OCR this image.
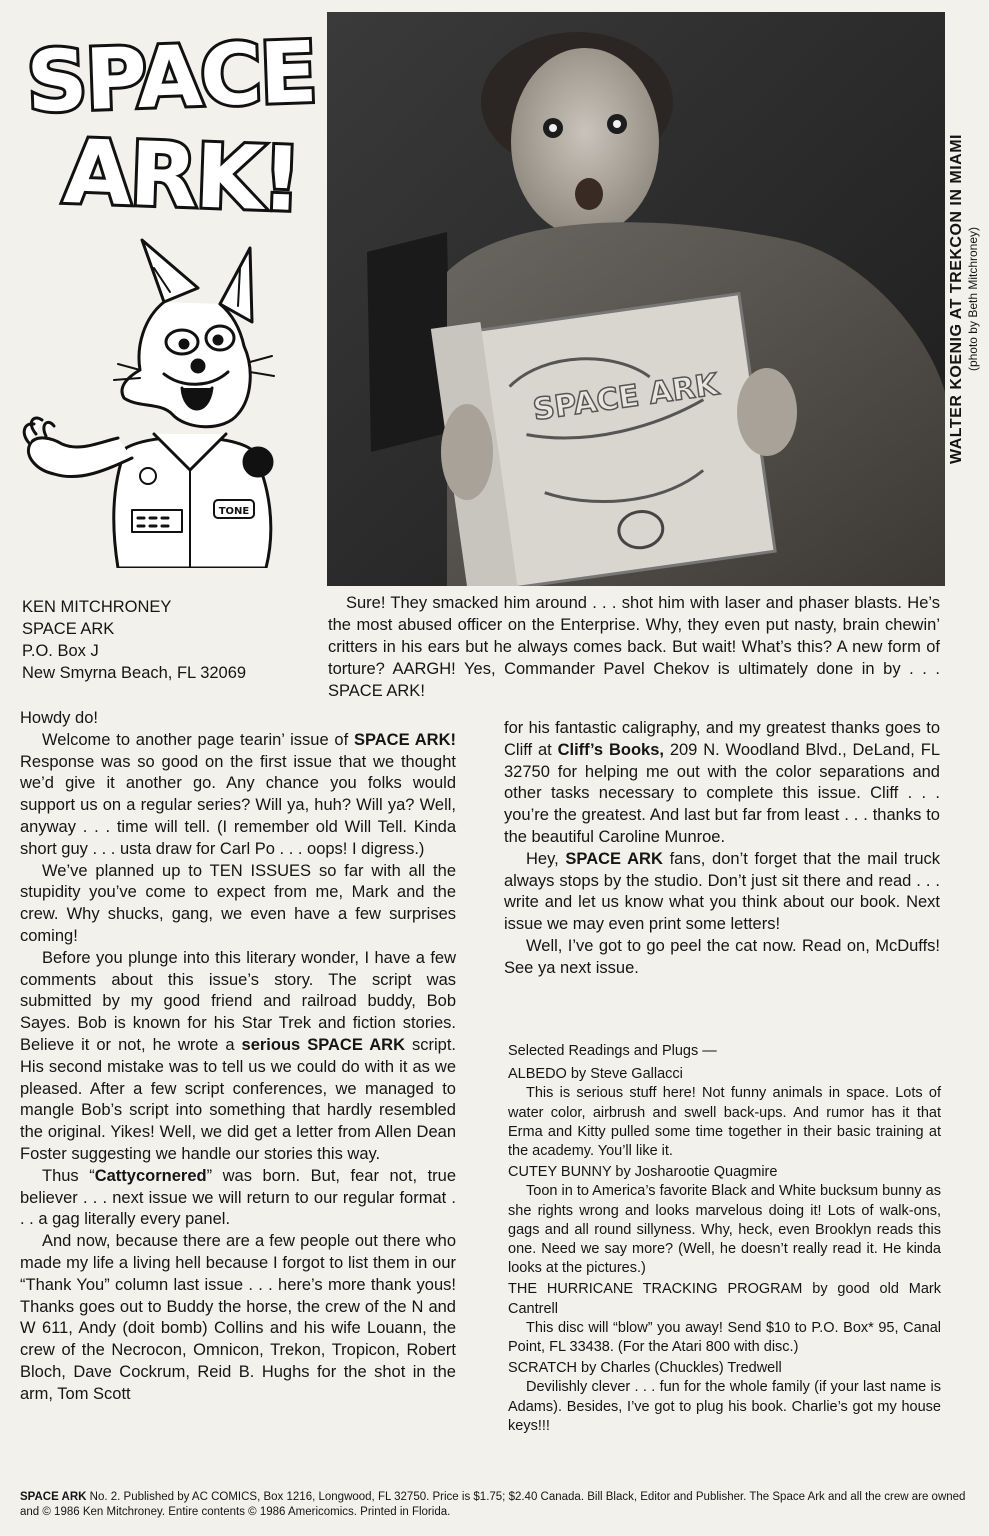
SPACE
ARK!
TONE
SPACE ARK	WALTER KOENIG AT TREKCON IN MIAMI (photo by Beth Mitchroney)
KEN MITCHRONEY
SPACE ARK
P.O. Box J
New Smyrna Beach, FL 32069
Sure! They smacked him around . . . shot him with laser and phaser blasts. He’s the most abused officer on the Enterprise. Why, they even put nasty, brain chewin’ critters in his ears but he always comes back. But wait! What’s this? A new form of torture? AARGH! Yes, Commander Pavel Chekov is ultimately done in by . . . SPACE ARK!

Howdy do!

Welcome to another page tearin’ issue of SPACE ARK! Response was so good on the first issue that we thought we’d give it another go. Any chance you folks would support us on a regular series? Will ya, huh? Will ya? Well, anyway . . . time will tell. (I remember old Will Tell. Kinda short guy . . . usta draw for Carl Po . . . oops! I digress.)

We’ve planned up to TEN ISSUES so far with all the stupidity you’ve come to expect from me, Mark and the crew. Why shucks, gang, we even have a few surprises coming!

Before you plunge into this literary wonder, I have a few comments about this issue’s story. The script was submitted by my good friend and railroad buddy, Bob Sayes. Bob is known for his Star Trek and fiction stories. Believe it or not, he wrote a serious SPACE ARK script. His second mistake was to tell us we could do with it as we pleased. After a few script conferences, we managed to mangle Bob’s script into something that hardly resembled the original. Yikes! Well, we did get a letter from Allen Dean Foster suggesting we handle our stories this way.

Thus “Cattycornered” was born. But, fear not, true believer . . . next issue we will return to our regular format . . . a gag literally every panel.

And now, because there are a few people out there who made my life a living hell because I forgot to list them in our “Thank You” column last issue . . . here’s more thank yous! Thanks goes out to Buddy the horse, the crew of the N and W 611, Andy (doit bomb) Collins and his wife Louann, the crew of the Necrocon, Omnicon, Trekon, Tropicon, Robert Bloch, Dave Cockrum, Reid B. Hughs for the shot in the arm, Tom Scott

for his fantastic caligraphy, and my greatest thanks goes to Cliff at Cliff’s Books, 209 N. Woodland Blvd., DeLand, FL 32750 for helping me out with the color separations and other tasks necessary to complete this issue. Cliff . . . you’re the greatest. And last but far from least . . . thanks to the beautiful Caroline Munroe.

Hey, SPACE ARK fans, don’t forget that the mail truck always stops by the studio. Don’t just sit there and read . . . write and let us know what you think about our book. Next issue we may even print some letters!

Well, I’ve got to go peel the cat now. Read on, McDuffs! See ya next issue.

Selected Readings and Plugs —

ALBEDO by Steve Gallacci

This is serious stuff here! Not funny animals in space. Lots of water color, airbrush and swell back-ups. And rumor has it that Erma and Kitty pulled some time together in their basic training at the academy. You’ll like it.

CUTEY BUNNY by Josharootie Quagmire

Toon in to America’s favorite Black and White bucksum bunny as she rights wrong and looks marvelous doing it! Lots of walk-ons, gags and all round sillyness. Why, heck, even Brooklyn reads this one. Need we say more? (Well, he doesn’t really read it. He kinda looks at the pictures.)

THE HURRICANE TRACKING PROGRAM by good old Mark Cantrell

This disc will “blow” you away! Send $10 to P.O. Box* 95, Canal Point, FL 33438. (For the Atari 800 with disc.)

SCRATCH by Charles (Chuckles) Tredwell

Devilishly clever . . . fun for the whole family (if your last name is Adams). Besides, I’ve got to plug his book. Charlie’s got my house keys!!!

SPACE ARK No. 2. Published by AC COMICS, Box 1216, Longwood, FL 32750. Price is $1.75; $2.40 Canada. Bill Black, Editor and Publisher. The Space Ark and all the crew are owned and © 1986 Ken Mitchroney. Entire contents © 1986 Americomics. Printed in Florida.
